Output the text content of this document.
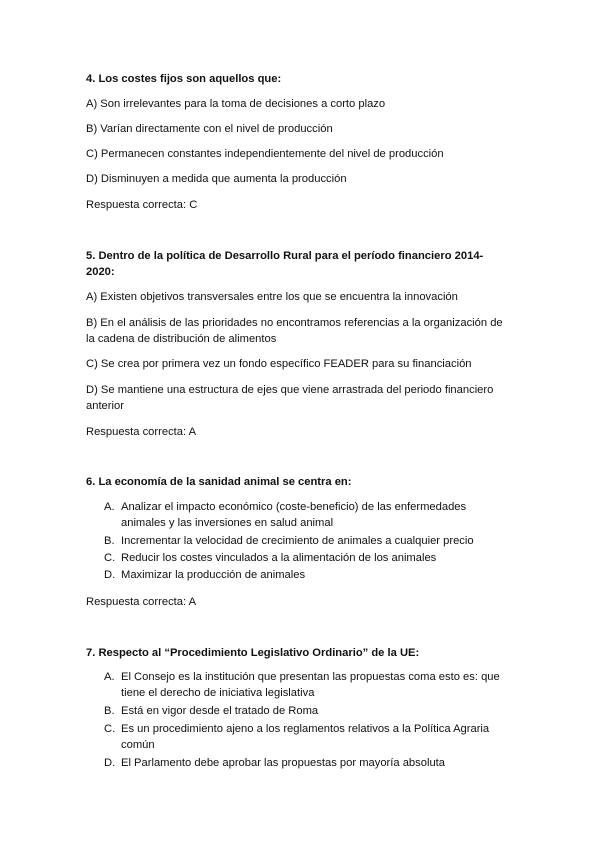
4. Los costes fijos son aquellos que:

A) Son irrelevantes para la toma de decisiones a corto plazo

B) Varían directamente con el nivel de producción

C) Permanecen constantes independientemente del nivel de producción

D) Disminuyen a medida que aumenta la producción

Respuesta correcta: C

5. Dentro de la política de Desarrollo Rural para el período financiero 2014-2020:

A) Existen objetivos transversales entre los que se encuentra la innovación

B) En el análisis de las prioridades no encontramos referencias a la organización de la cadena de distribución de alimentos

C) Se crea por primera vez un fondo específico FEADER para su financiación

D) Se mantiene una estructura de ejes que viene arrastrada del periodo financiero anterior

Respuesta correcta: A

6. La economía de la sanidad animal se centra en:

A. Analizar el impacto económico (coste-beneficio) de las enfermedades animales y las inversiones en salud animal
B. Incrementar la velocidad de crecimiento de animales a cualquier precio
C. Reducir los costes vinculados a la alimentación de los animales
D. Maximizar la producción de animales

Respuesta correcta: A

7. Respecto al “Procedimiento Legislativo Ordinario” de la UE:

A. El Consejo es la institución que presentan las propuestas coma esto es: que tiene el derecho de iniciativa legislativa
B. Está en vigor desde el tratado de Roma
C. Es un procedimiento ajeno a los reglamentos relativos a la Política Agraria común
D. El Parlamento debe aprobar las propuestas por mayoría absoluta
